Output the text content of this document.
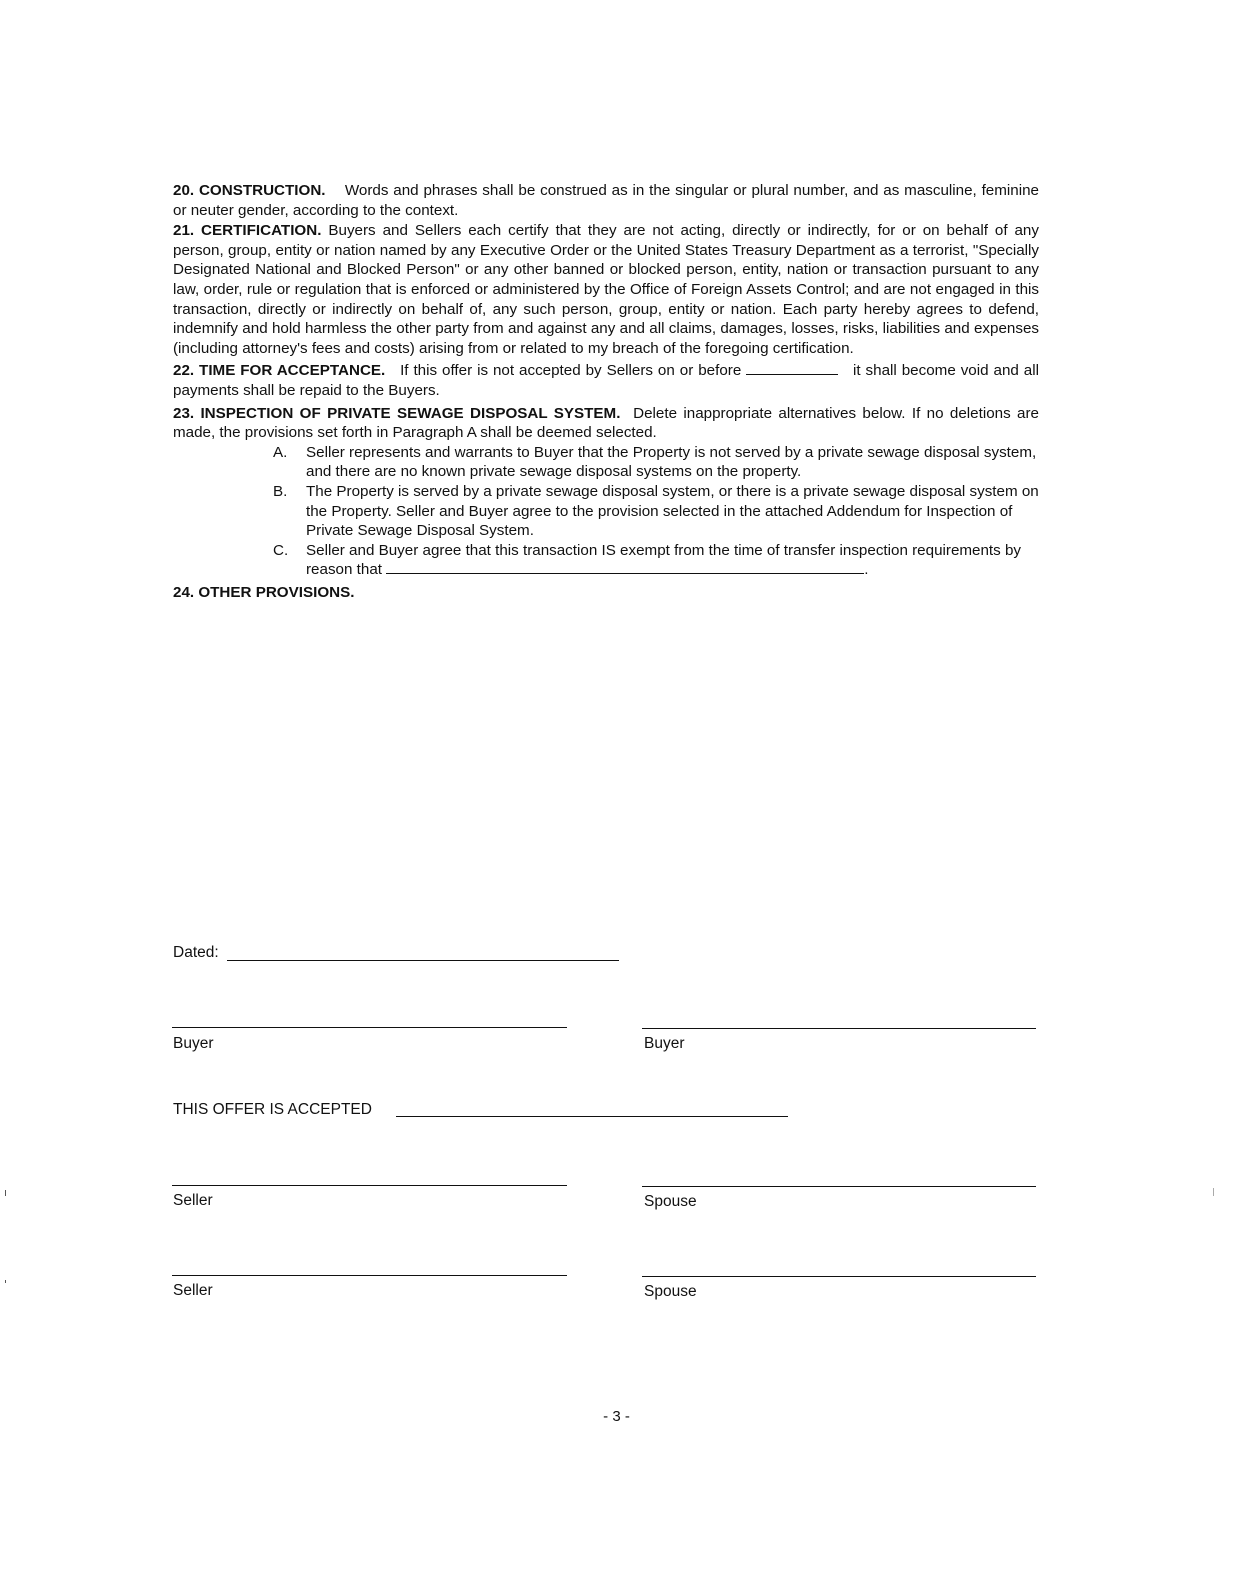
20. CONSTRUCTION. Words and phrases shall be construed as in the singular or plural number, and as masculine, feminine or neuter gender, according to the context.

21. CERTIFICATION. Buyers and Sellers each certify that they are not acting, directly or indirectly, for or on behalf of any person, group, entity or nation named by any Executive Order or the United States Treasury Department as a terrorist, "Specially Designated National and Blocked Person" or any other banned or blocked person, entity, nation or transaction pursuant to any law, order, rule or regulation that is enforced or administered by the Office of Foreign Assets Control; and are not engaged in this transaction, directly or indirectly on behalf of, any such person, group, entity or nation. Each party hereby agrees to defend, indemnify and hold harmless the other party from and against any and all claims, damages, losses, risks, liabilities and expenses (including attorney's fees and costs) arising from or related to my breach of the foregoing certification.

22. TIME FOR ACCEPTANCE. If this offer is not accepted by Sellers on or before	it shall become void and all payments shall be repaid to the Buyers.

23. INSPECTION OF PRIVATE SEWAGE DISPOSAL SYSTEM. Delete inappropriate alternatives below. If no deletions are made, the provisions set forth in Paragraph A shall be deemed selected.

A.	Seller represents and warrants to Buyer that the Property is not served by a private sewage disposal system, and there are no known private sewage disposal systems on the property.
B.	The Property is served by a private sewage disposal system, or there is a private sewage disposal system on the Property. Seller and Buyer agree to the provision selected in the attached Addendum for Inspection of Private Sewage Disposal System.
C.	Seller and Buyer agree that this transaction IS exempt from the time of transfer inspection requirements by reason that	.

24. OTHER PROVISIONS.

Dated:
Buyer	Buyer
THIS OFFER IS ACCEPTED
Seller	Spouse
Seller	Spouse
- 3 -
